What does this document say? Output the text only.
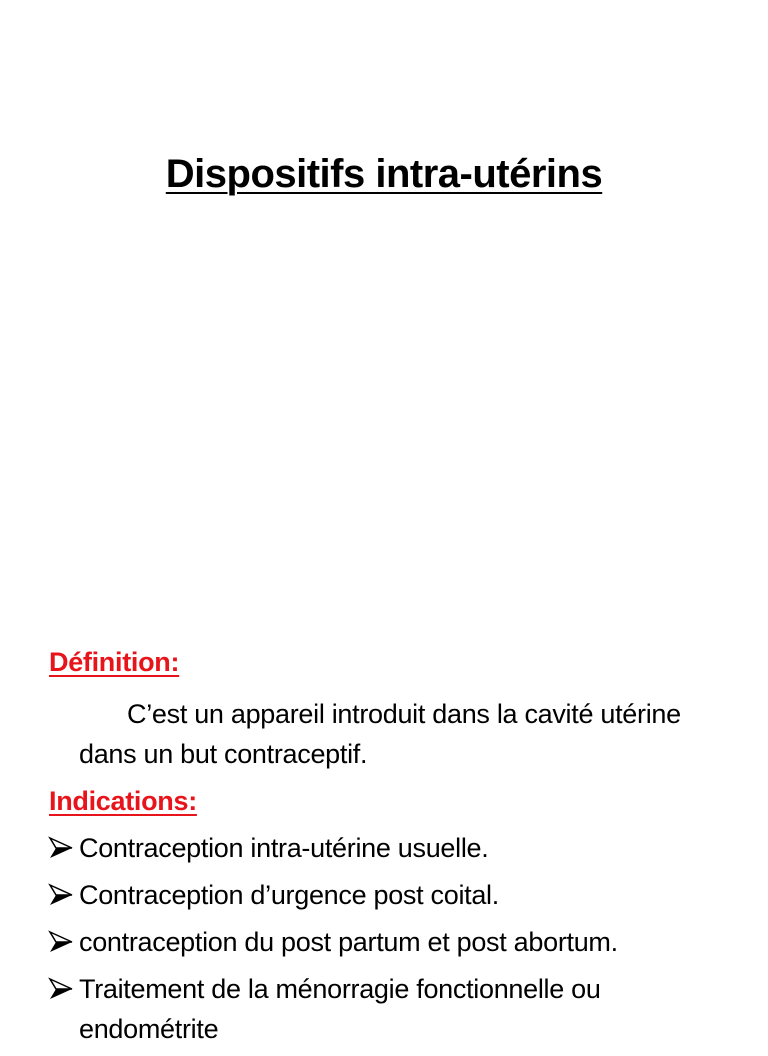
Dispositifs intra-utérins
Définition:
C’est un appareil introduit dans la cavité utérine dans un but contraceptif.
Indications:
Contraception intra-utérine usuelle.
Contraception d’urgence post coital.
contraception du post partum et post abortum.
Traitement de la ménorragie fonctionnelle ou endométrite
